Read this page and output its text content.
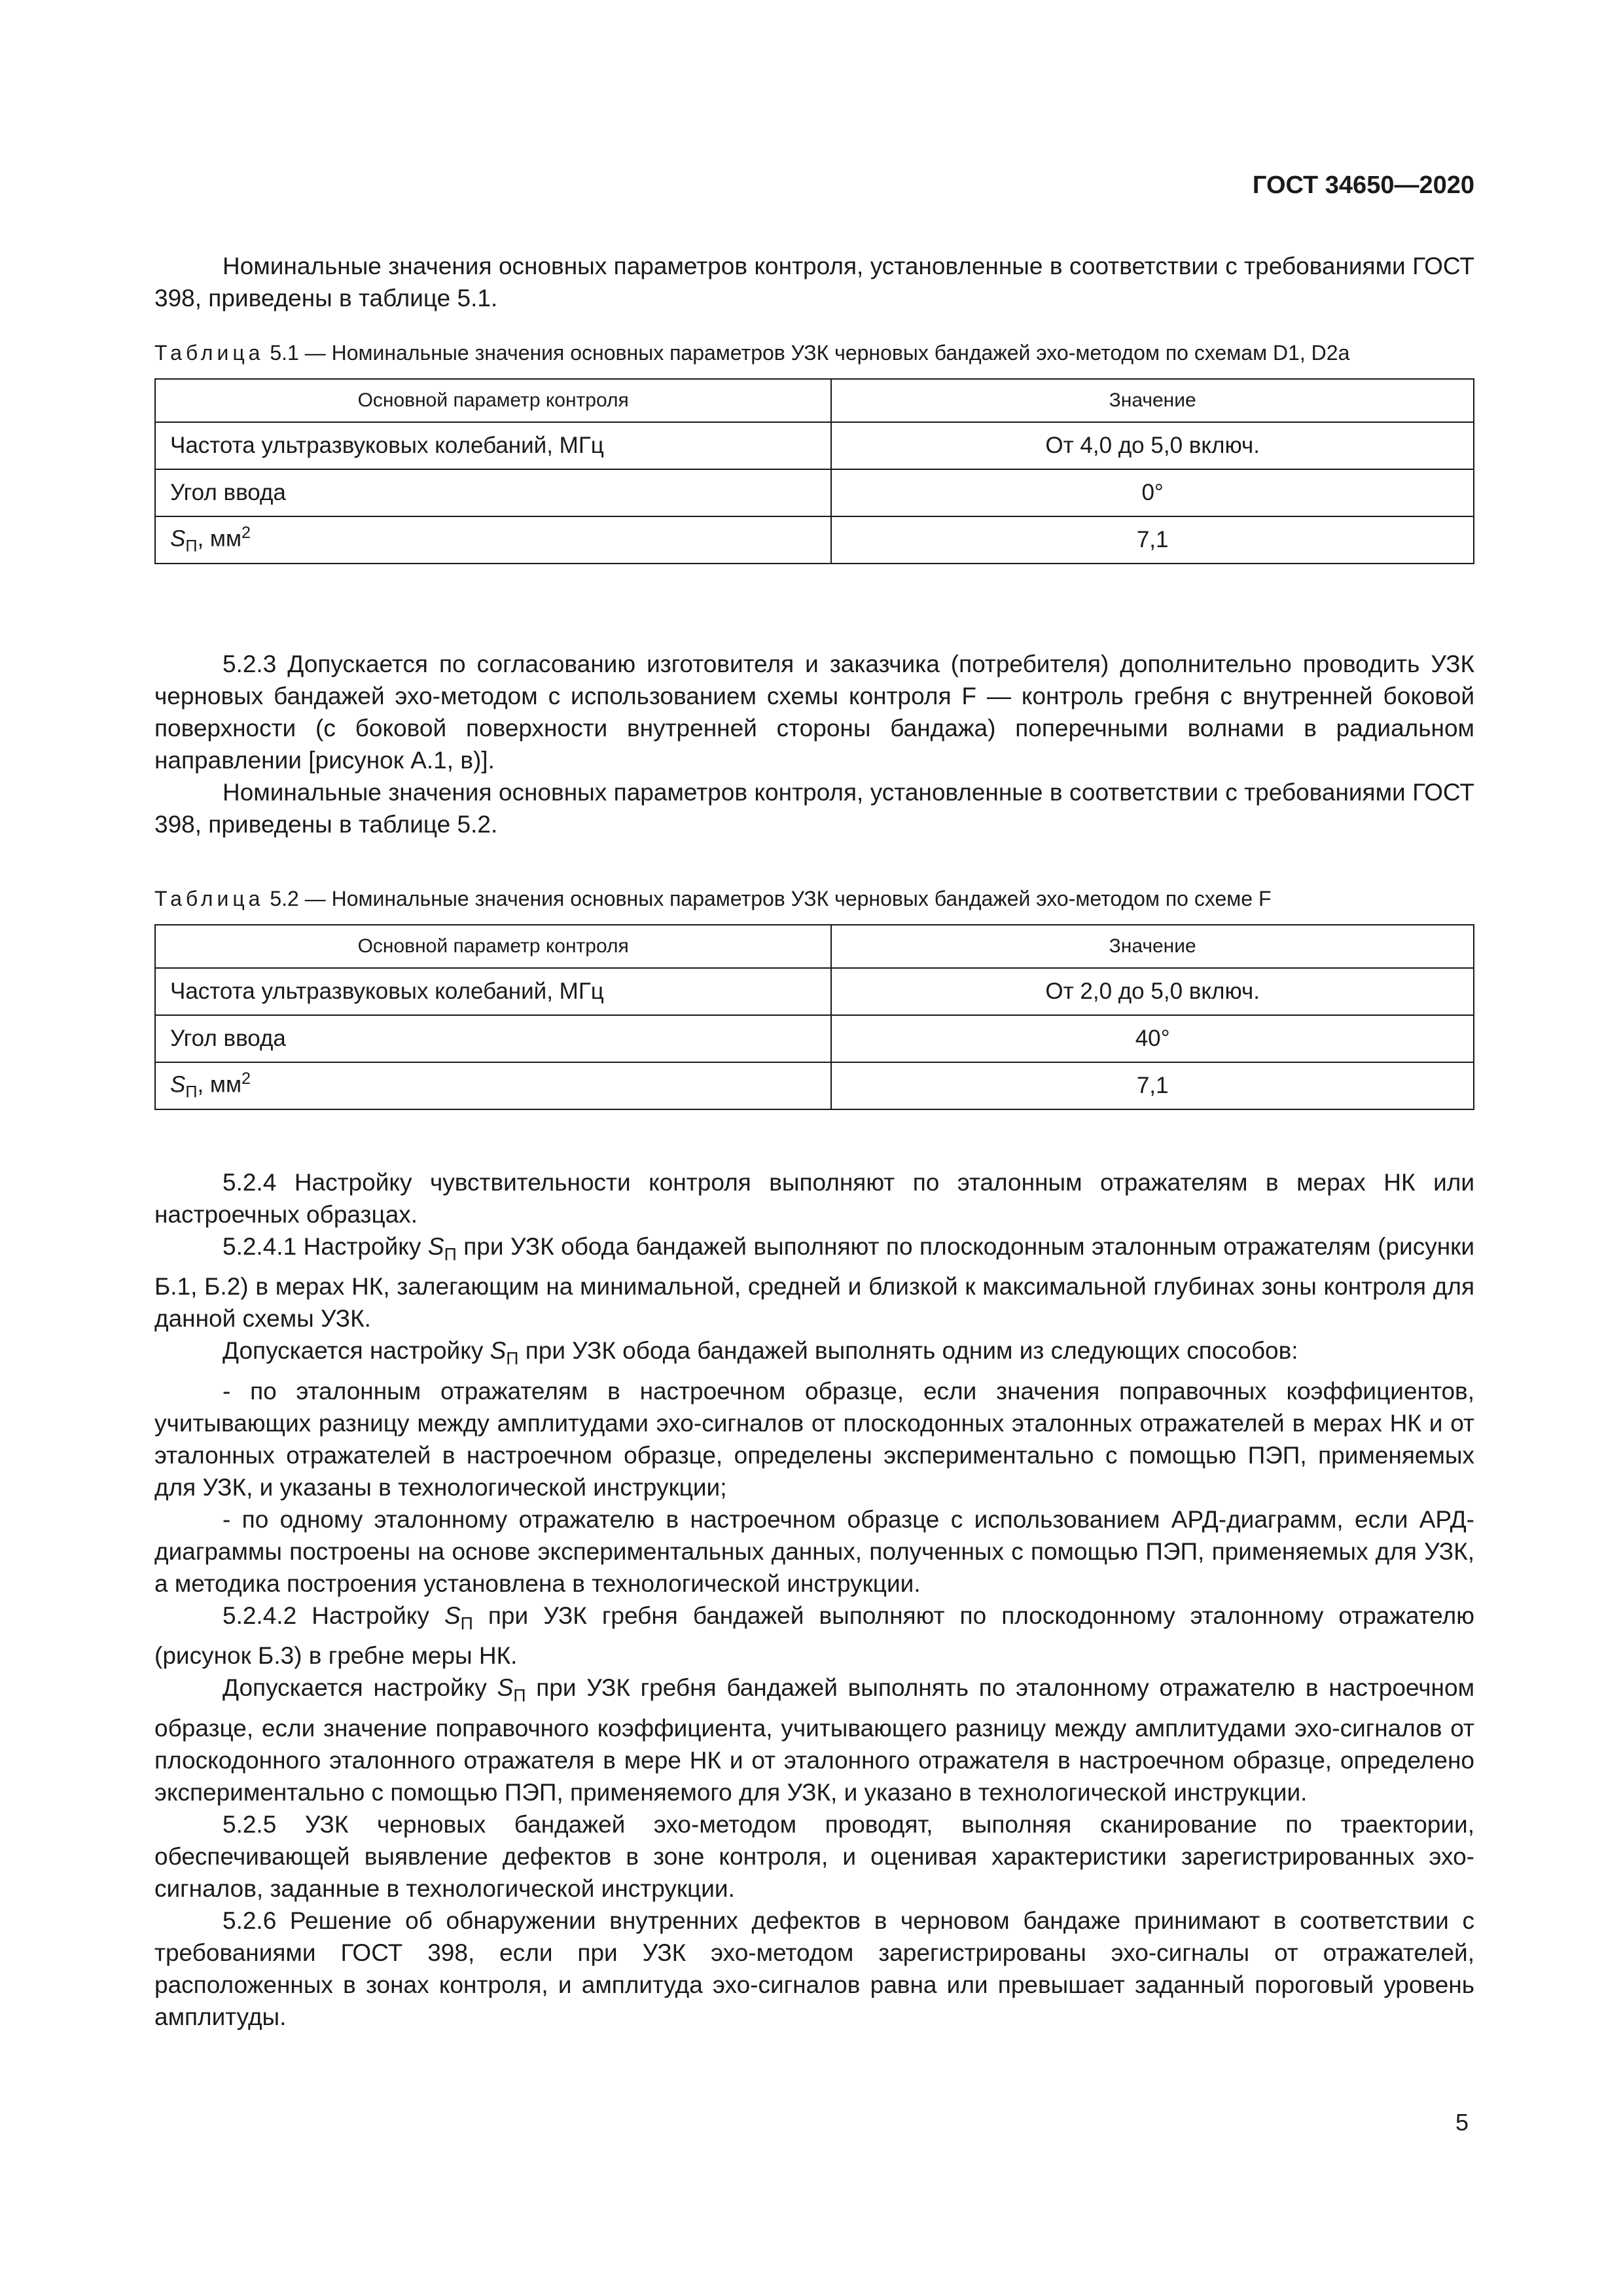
ГОСТ 34650—2020

Номинальные значения основных параметров контроля, установленные в соответствии с требованиями ГОСТ 398, приведены в таблице 5.1.

Таблица 5.1 — Номинальные значения основных параметров УЗК черновых бандажей эхо-методом по схемам D1, D2a

Основной параметр контроля	Значение
Частота ультразвуковых колебаний, МГц	От 4,0 до 5,0 включ.
Угол ввода	0°
$S_П$, $мм^2$	7,1

5.2.3 Допускается по согласованию изготовителя и заказчика (потребителя) дополнительно проводить УЗК черновых бандажей эхо-методом с использованием схемы контроля F — контроль гребня с внутренней боковой поверхности (с боковой поверхности внутренней стороны бандажа) поперечными волнами в радиальном направлении [рисунок А.1, в)].

Номинальные значения основных параметров контроля, установленные в соответствии с требованиями ГОСТ 398, приведены в таблице 5.2.

Таблица 5.2 — Номинальные значения основных параметров УЗК черновых бандажей эхо-методом по схеме F

Основной параметр контроля	Значение
Частота ультразвуковых колебаний, МГц	От 2,0 до 5,0 включ.
Угол ввода	40°
$S_П$, $мм^2$	7,1

5.2.4 Настройку чувствительности контроля выполняют по эталонным отражателям в мерах НК или настроечных образцах.

5.2.4.1 Настройку $S_П$ при УЗК обода бандажей выполняют по плоскодонным эталонным отражателям (рисунки Б.1, Б.2) в мерах НК, залегающим на минимальной, средней и близкой к максимальной глубинах зоны контроля для данной схемы УЗК.

Допускается настройку $S_П$ при УЗК обода бандажей выполнять одним из следующих способов:

- по эталонным отражателям в настроечном образце, если значения поправочных коэффициентов, учитывающих разницу между амплитудами эхо-сигналов от плоскодонных эталонных отражателей в мерах НК и от эталонных отражателей в настроечном образце, определены экспериментально с помощью ПЭП, применяемых для УЗК, и указаны в технологической инструкции;

- по одному эталонному отражателю в настроечном образце с использованием АРД-диаграмм, если АРД-диаграммы построены на основе экспериментальных данных, полученных с помощью ПЭП, применяемых для УЗК, а методика построения установлена в технологической инструкции.

5.2.4.2 Настройку $S_П$ при УЗК гребня бандажей выполняют по плоскодонному эталонному отражателю (рисунок Б.3) в гребне меры НК.

Допускается настройку $S_П$ при УЗК гребня бандажей выполнять по эталонному отражателю в настроечном образце, если значение поправочного коэффициента, учитывающего разницу между амплитудами эхо-сигналов от плоскодонного эталонного отражателя в мере НК и от эталонного отражателя в настроечном образце, определено экспериментально с помощью ПЭП, применяемого для УЗК, и указано в технологической инструкции.

5.2.5 УЗК черновых бандажей эхо-методом проводят, выполняя сканирование по траектории, обеспечивающей выявление дефектов в зоне контроля, и оценивая характеристики зарегистрированных эхо-сигналов, заданные в технологической инструкции.

5.2.6 Решение об обнаружении внутренних дефектов в черновом бандаже принимают в соответствии с требованиями ГОСТ 398, если при УЗК эхо-методом зарегистрированы эхо-сигналы от отражателей, расположенных в зонах контроля, и амплитуда эхо-сигналов равна или превышает заданный пороговый уровень амплитуды.

5
